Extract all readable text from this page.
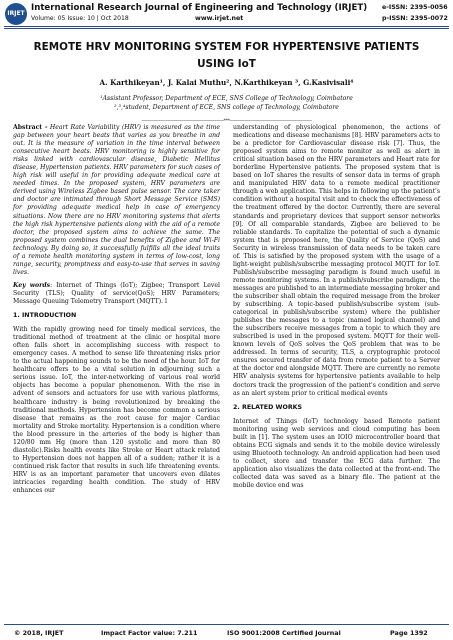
IRJET
International Research Journal of Engineering and Technology (IRJET)
Volume: 05 Issue: 10 | Oct 2018	www.irjet.net
e-ISSN: 2395-0056
p-ISSN: 2395-0072
REMOTE HRV MONITORING SYSTEM FOR HYPERTENSIVE PATIENTS USING IoT
A. Karthikeyan¹, J. Kalai Muthu², N.Karthikeyan ³, G.Kasivisali⁴
¹Assistant Professor, Department of ECE, SNS College of Technology, Coimbatore
²,³,⁴student, Department of ECE, SNS college of Technology, Coimbatore
---------------------------------------------------------------------***---------------------------------------------------------------------

Abstract - Heart Rate Variability (HRV) is measured as the time gap between your heart beats that varies as you breathe in and out. It is the measure of variation in the time interval between consecutive heart beats. HRV monitoring is highly sensitive for risks linked with cardiovascular disease, Diabetic Mellitus disease, Hypertension patients. HRV parameters for such cases of high risk will useful in for providing adequate medical care at needed times. In the proposed system, HRV parameters are derived using Wireless Zigbee based pulse sensor. The care taker and doctor are intimated through Short Message Service (SMS) for providing adequate medical help in case of emergency situations. Now there are no HRV monitoring systems that alerts the high risk hypertensive patients along with the aid of a remote doctor, the proposed system aims to achieve the same. The proposed system combines the dual benefits of Zigbee and Wi-Fi technology. By doing so, it successfully fulfills all the ideal traits of a remote health monitoring system in terms of low-cost, long range, security, promptness and easy-to-use that serves in saving lives.

Key words: Internet of Things (IoT); Zigbee; Transport Level Security (TLS); Quality of service(QoS); HRV Parameters; Message Queuing Telemetry Transport (MQTT). l

1. INTRODUCTION

With the rapidly growing need for timely medical services, the traditional method of treatment at the clinic or hospital more often falls short in accomplishing success with respect to emergency cases. A method to sense life threatening risks prior to the actual happening sounds to be the need of the hour. IoT for healthcare offers to be a vital solution in adjourning such a serious issue. IoT, the inter-networking of various real world objects has become a popular phenomenon. With the rise in advent of sensors and actuators for use with various platforms, healthcare industry is being revolutionized by breaking the traditional methods. Hypertension has become common a serious disease that remains as the root cause for major Cardiac mortality and Stroke mortality. Hypertension is a condition where the blood pressure in the arteries of the body is higher than 120/80 mm Hg (more than 120 systolic and more than 80 diastolic).Risks health events like Stroke or Heart attack related to Hypertension does not happen all of a sudden; rather it is a continued risk factor that results in such life threatening events. HRV is as an important parameter that uncovers even dilates intricacies regarding health condition. The study of HRV enhances our

understanding of physiological phenomenon, the actions of medications and disease mechanisms [8]. HRV parameters acts to be a predictor for Cardiovascular disease risk [7]. Thus, the proposed system aims to remote monitor as well as alert in critical situation based on the HRV parameters and Heart rate for borderline Hypertensive patients. The proposed system that is based on IoT shares the results of sensor data in terms of graph and manipulated HRV data to a remote medical practitioner through a web application. This helps in following up the patient's condition without a hospital visit and to check the effectiveness of the treatment offered by the doctor. Currently, there are several standards and proprietary devices that support sensor networks [9]. Of all comparable standards, Zigbee are believed to be reliable standards. To capitalize the potential of such a dynamic system that is proposed here, the Quality of Service (QoS) and Security in wireless transmission of data needs to be taken care of. This is satisfied by the proposed system with the usage of a light-weight publish/subscribe messaging protocol MQTT for IoT. Publish/subscribe messaging paradigm is found much useful in remote monitoring systems. In a publish/subscribe paradigm, the messages are published to an intermediate messaging broker and the subscriber shall obtain the required message from the broker by subscribing. A topic-based publish/subscribe system (sub-categorical in publish/subscribe system) where the publisher publishes the messages to a topic (named logical channel) and the subscribers receive messages from a topic to which they are subscribed is used in the proposed system. MQTT for their well-known levels of QoS solves the QoS problem that was to be addressed. In terms of security, TLS, a cryptographic protocol ensures secured transfer of data from remote patient to a Server at the doctor end alongside MQTT. There are currently no remote HRV analysis systems for hypertensive patients available to help doctors track the progression of the patient's condition and serve as an alert system prior to critical medical events

2. RELATED WORKS

Internet of Things (IoT) technology based Remote patient monitoring using web services and cloud computing has been built in [1]. The system uses an IOIO microcontroller board that obtains ECG signals and sends it to the mobile device wirelessly using Bluetooth technology. An android application had been used to collect, store and transfer the ECG data further. The application also visualizes the data collected at the front-end. The collected data was saved as a binary file. The patient at the mobile device end was

© 2018, IRJET	Impact Factor value: 7.211	ISO 9001:2008 Certified Journal	Page 1392
